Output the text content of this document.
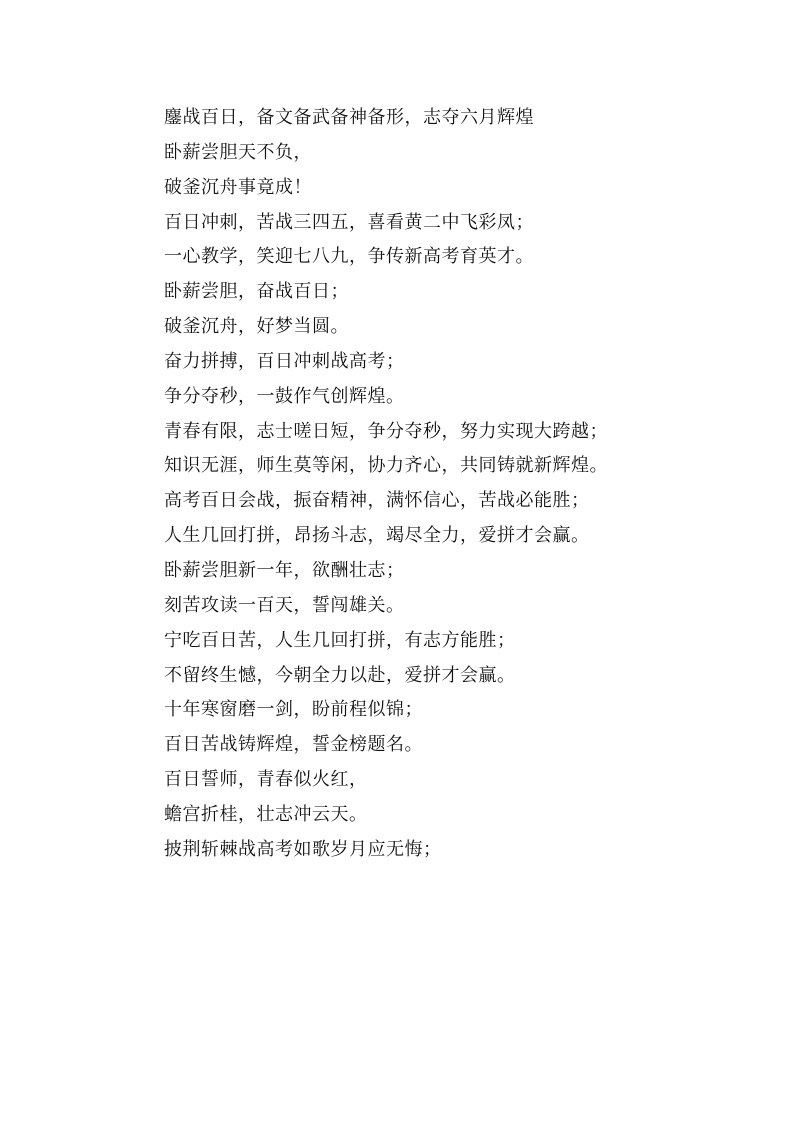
鏖战百日，备文备武备神备形，志夺六月辉煌
卧薪尝胆天不负，
破釜沉舟事竟成！
百日冲刺，苦战三四五，喜看黄二中飞彩凤；
一心教学，笑迎七八九，争传新高考育英才。
卧薪尝胆，奋战百日；
破釜沉舟，好梦当圆。
奋力拼搏，百日冲刺战高考；
争分夺秒，一鼓作气创辉煌。
青春有限，志士嗟日短，争分夺秒，努力实现大跨越；
知识无涯，师生莫等闲，协力齐心，共同铸就新辉煌。
高考百日会战，振奋精神，满怀信心，苦战必能胜；
人生几回打拼，昂扬斗志，竭尽全力，爱拼才会赢。
卧薪尝胆新一年，欲酬壮志；
刻苦攻读一百天，誓闯雄关。
宁吃百日苦，人生几回打拼，有志方能胜；
不留终生憾，今朝全力以赴，爱拼才会赢。
十年寒窗磨一剑，盼前程似锦；
百日苦战铸辉煌，誓金榜题名。
百日誓师，青春似火红，
蟾宫折桂，壮志冲云天。
披荆斩棘战高考如歌岁月应无悔；
